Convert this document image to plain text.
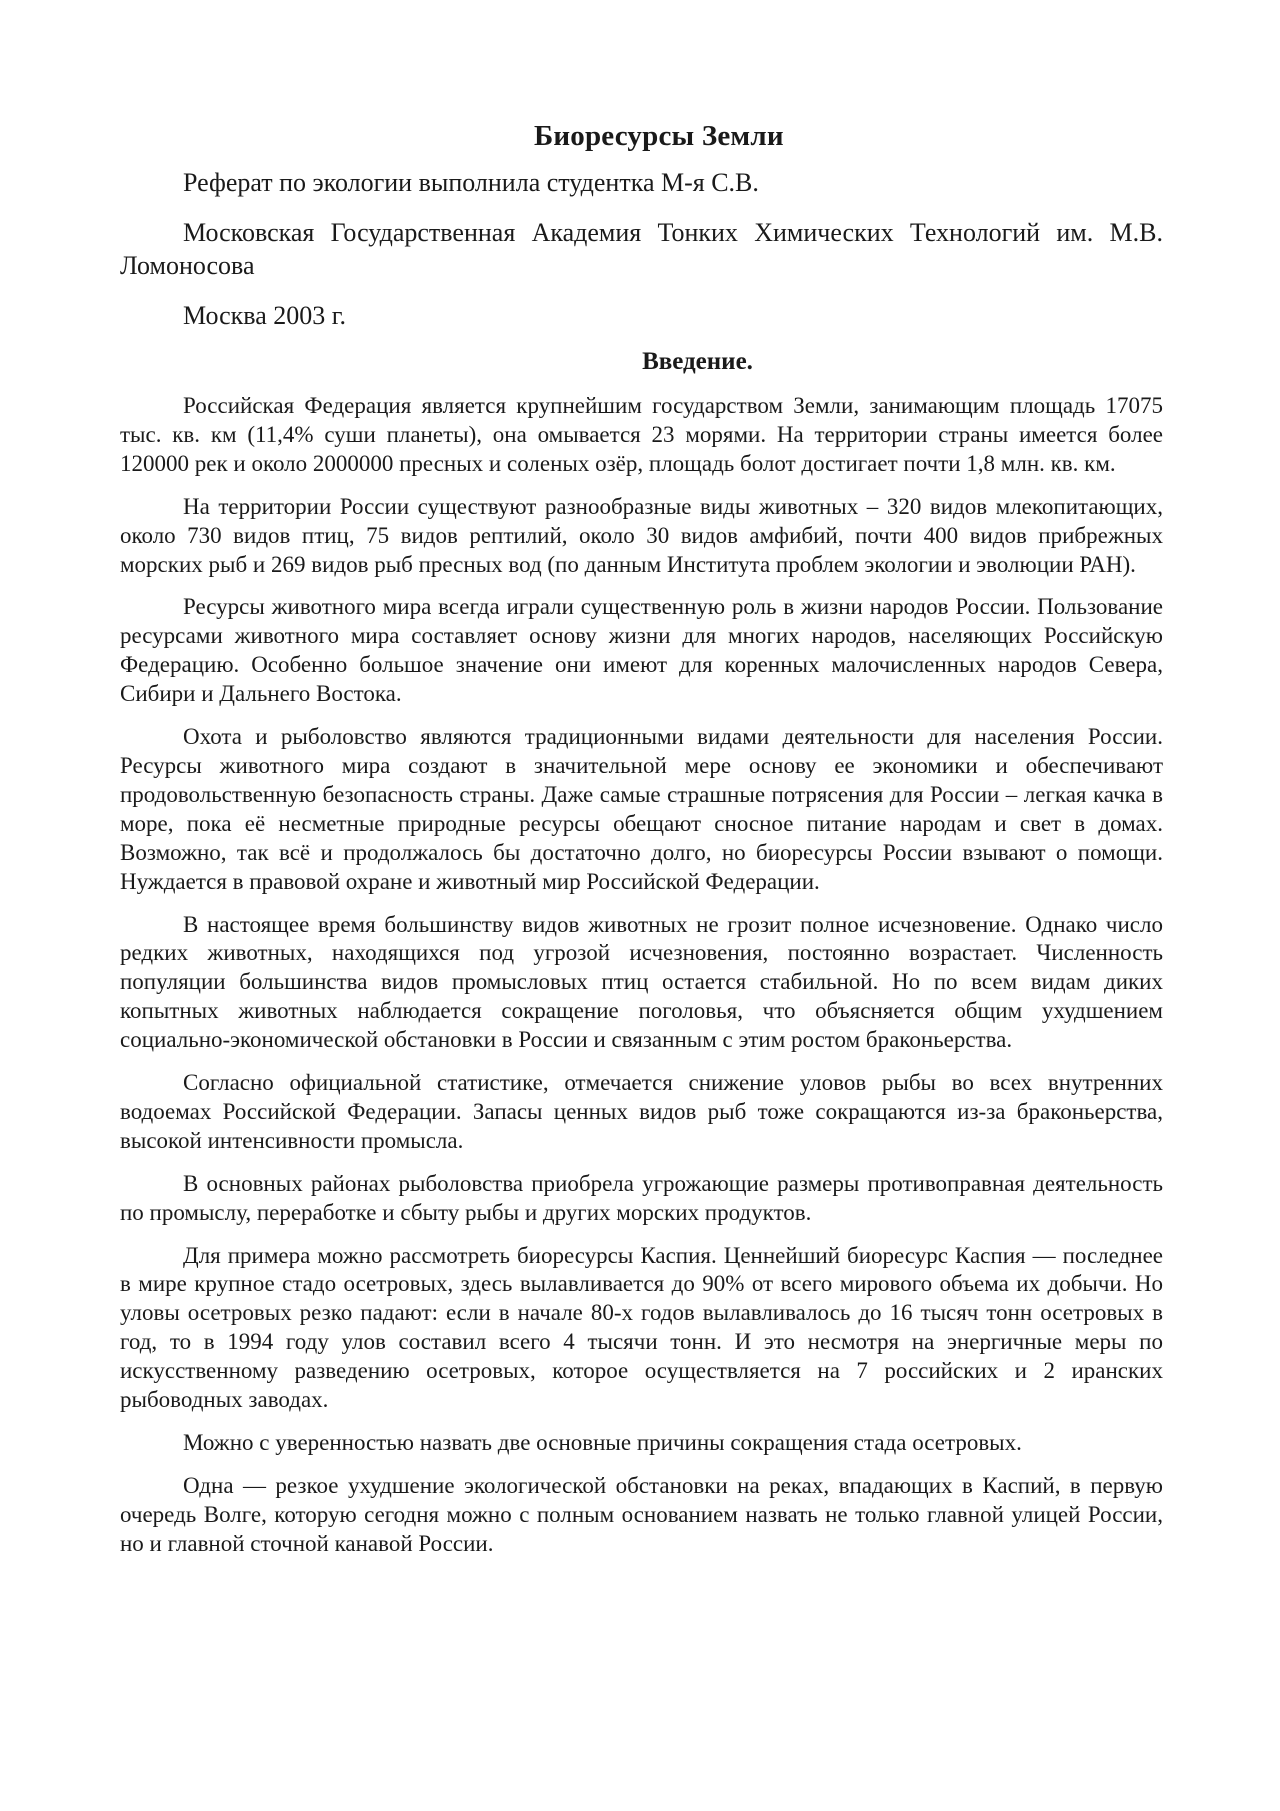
Биоресурсы Земли

Реферат по экологии выполнила студентка М-я С.В.

Московская Государственная Академия Тонких Химических Технологий им. М.В. Ломоносова

Москва 2003 г.

Введение.

Российская Федерация является крупнейшим государством Земли, занимающим площадь 17075 тыс. кв. км (11,4% суши планеты), она омывается 23 морями. На территории страны имеется более 120000 рек и около 2000000 пресных и соленых озёр, площадь болот достигает почти 1,8 млн. кв. км.

На территории России существуют разнообразные виды животных – 320 видов млекопитающих, около 730 видов птиц, 75 видов рептилий, около 30 видов амфибий, почти 400 видов прибрежных морских рыб и 269 видов рыб пресных вод (по данным Института проблем экологии и эволюции РАН).

Ресурсы животного мира всегда играли существенную роль в жизни народов России. Пользование ресурсами животного мира составляет основу жизни для многих народов, населяющих Российскую Федерацию. Особенно большое значение они имеют для коренных малочисленных народов Севера, Сибири и Дальнего Востока.

Охота и рыболовство являются традиционными видами деятельности для населения России. Ресурсы животного мира создают в значительной мере основу ее экономики и обеспечивают продовольственную безопасность страны. Даже самые страшные потрясения для России – легкая качка в море, пока её несметные природные ресурсы обещают сносное питание народам и свет в домах. Возможно, так всё и продолжалось бы достаточно долго, но биоресурсы России взывают о помощи. Нуждается в правовой охране и животный мир Российской Федерации.

В настоящее время большинству видов животных не грозит полное исчезновение. Однако число редких животных, находящихся под угрозой исчезновения, постоянно возрастает. Численность популяции большинства видов промысловых птиц остается стабильной. Но по всем видам диких копытных животных наблюдается сокращение поголовья, что объясняется общим ухудшением социально-экономической обстановки в России и связанным с этим ростом браконьерства.

Согласно официальной статистике, отмечается снижение уловов рыбы во всех внутренних водоемах Российской Федерации. Запасы ценных видов рыб тоже сокращаются из-за браконьерства, высокой интенсивности промысла.

В основных районах рыболовства приобрела угрожающие размеры противоправная деятельность по промыслу, переработке и сбыту рыбы и других морских продуктов.

Для примера можно рассмотреть биоресурсы Каспия. Ценнейший биоресурс Каспия — последнее в мире крупное стадо осетровых, здесь вылавливается до 90% от всего мирового объема их добычи. Но уловы осетровых резко падают: если в начале 80-х годов вылавливалось до 16 тысяч тонн осетровых в год, то в 1994 году улов составил всего 4 тысячи тонн. И это несмотря на энергичные меры по искусственному разведению осетровых, которое осуществляется на 7 российских и 2 иранских рыбоводных заводах.

Можно с уверенностью назвать две основные причины сокращения стада осетровых.

Одна — резкое ухудшение экологической обстановки на реках, впадающих в Каспий, в первую очередь Волге, которую сегодня можно с полным основанием назвать не только главной улицей России, но и главной сточной канавой России.
